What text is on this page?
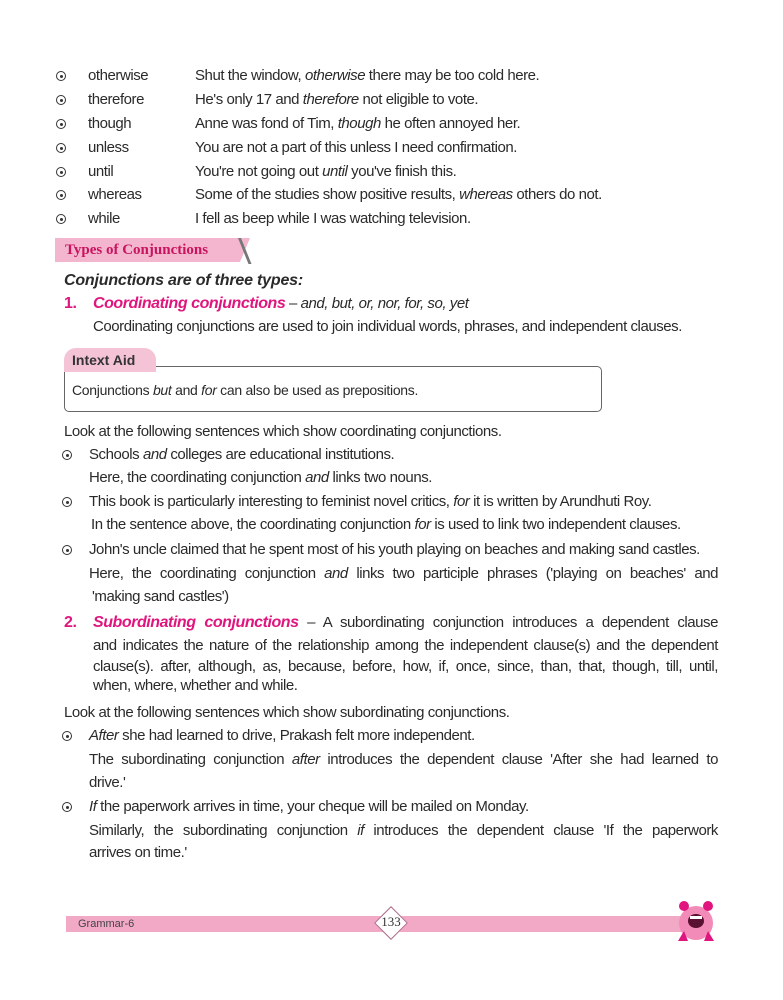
otherwise	Shut the window, otherwise there may be too cold here.
therefore	He's only 17 and therefore not eligible to vote.
though	Anne was fond of Tim, though he often annoyed her.
unless	You are not a part of this unless I need confirmation.
until	You're not going out until you've finish this.
whereas	Some of the studies show positive results, whereas others do not.
while	I fell as beep while I was watching television.
Types of Conjunctions
Conjunctions are of three types:
1. Coordinating conjunctions – and, but, or, nor, for, so, yet
Coordinating conjunctions are used to join individual words, phrases, and independent clauses.
Intext Aid
Conjunctions but and for can also be used as prepositions.
Look at the following sentences which show coordinating conjunctions.
Schools and colleges are educational institutions.
Here, the coordinating conjunction and links two nouns.
This book is particularly interesting to feminist novel critics, for it is written by Arundhuti Roy.
In the sentence above, the coordinating conjunction for is used to link two independent clauses.
John's uncle claimed that he spent most of his youth playing on beaches and making sand castles.
Here, the coordinating conjunction and links two participle phrases ('playing on beaches' and
'making sand castles')
2. Subordinating conjunctions – A subordinating conjunction introduces a dependent clause
and indicates the nature of the relationship among the independent clause(s) and the dependent
clause(s). after, although, as, because, before, how, if, once, since, than, that, though, till, until,
when, where, whether and while.
Look at the following sentences which show subordinating conjunctions.
After she had learned to drive, Prakash felt more independent.
The subordinating conjunction after introduces the dependent clause 'After she had learned to
drive.'
If the paperwork arrives in time, your cheque will be mailed on Monday.
Similarly, the subordinating conjunction if introduces the dependent clause 'If the paperwork
arrives on time.'
Grammar-6	133
